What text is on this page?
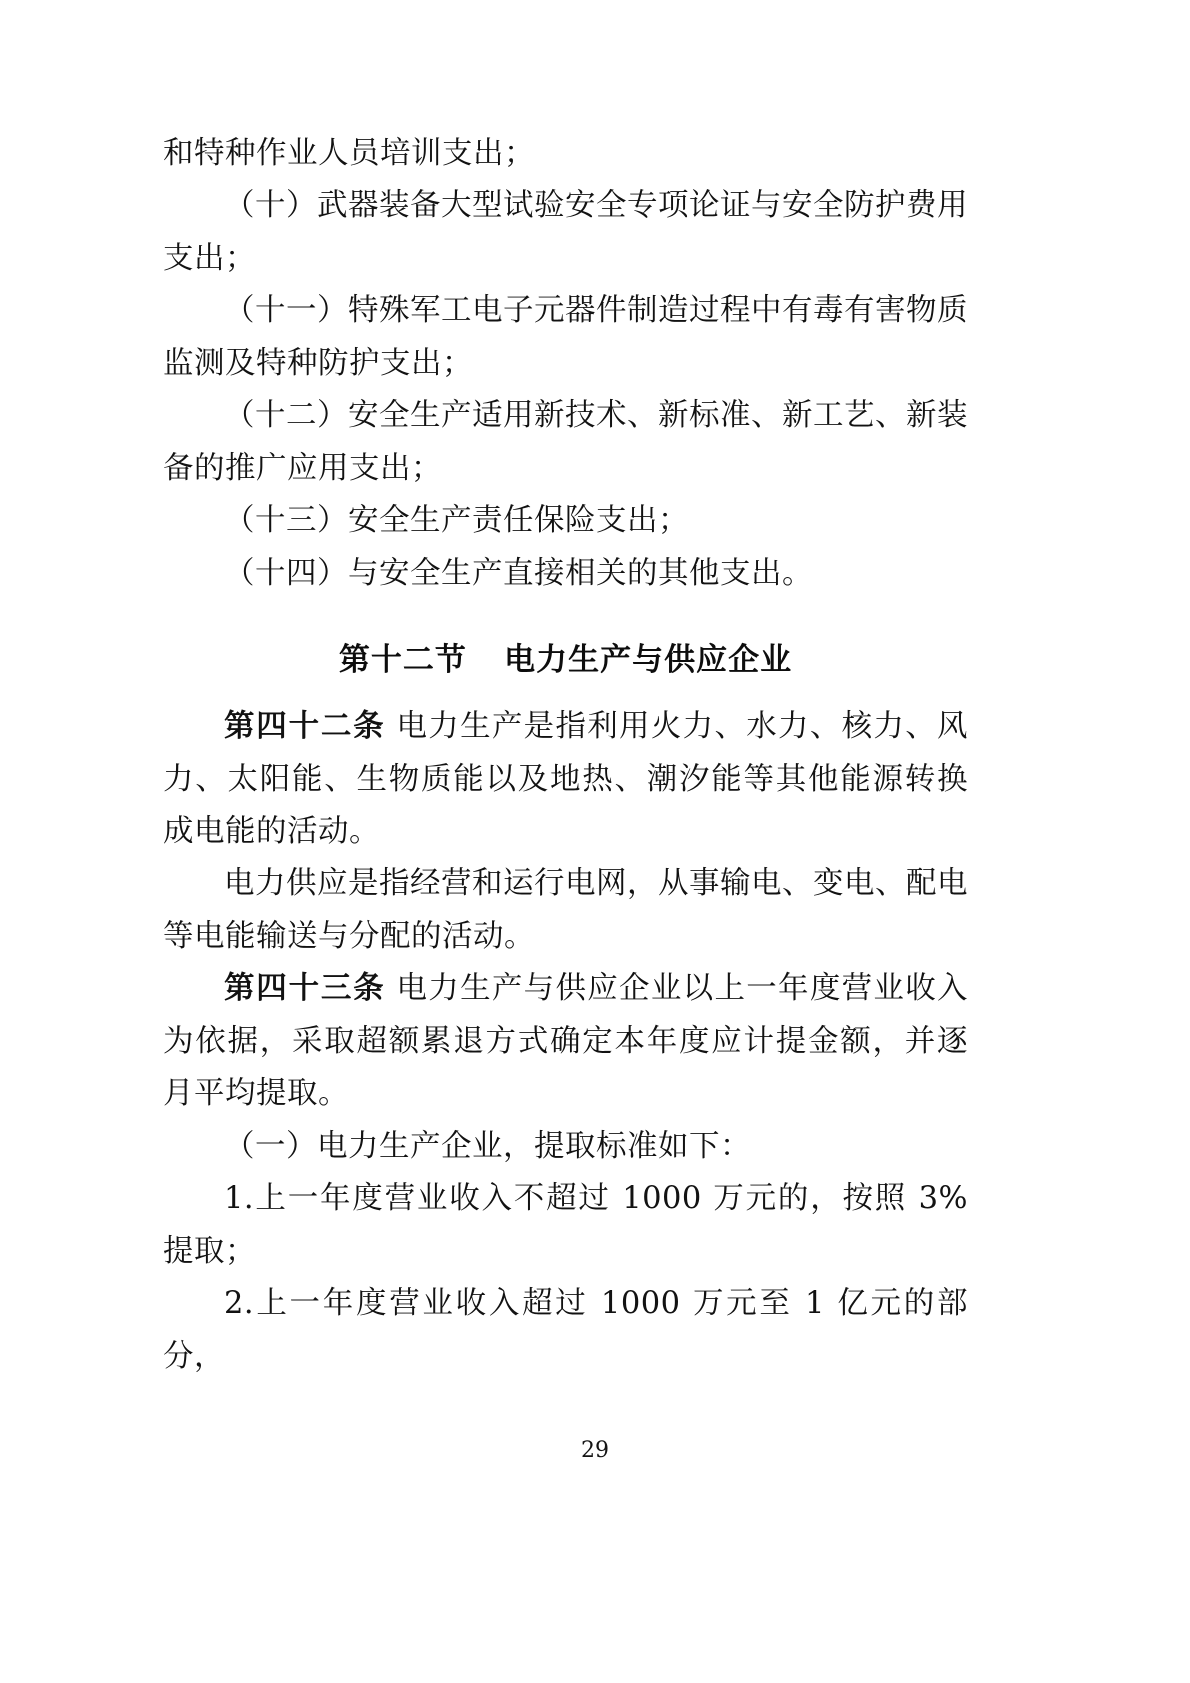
和特种作业人员培训支出；

（十）武器装备大型试验安全专项论证与安全防护费用支出；

（十一）特殊军工电子元器件制造过程中有毒有害物质监测及特种防护支出；

（十二）安全生产适用新技术、新标准、新工艺、新装备的推广应用支出；

（十三）安全生产责任保险支出；

（十四）与安全生产直接相关的其他支出。

第十二节 电力生产与供应企业

第四十二条 电力生产是指利用火力、水力、核力、风力、太阳能、生物质能以及地热、潮汐能等其他能源转换成电能的活动。

电力供应是指经营和运行电网，从事输电、变电、配电等电能输送与分配的活动。

第四十三条 电力生产与供应企业以上一年度营业收入为依据，采取超额累退方式确定本年度应计提金额，并逐月平均提取。

（一）电力生产企业，提取标准如下：

1.上一年度营业收入不超过 1000 万元的，按照 3%提取；

2.上一年度营业收入超过 1000 万元至 1 亿元的部分，

29
